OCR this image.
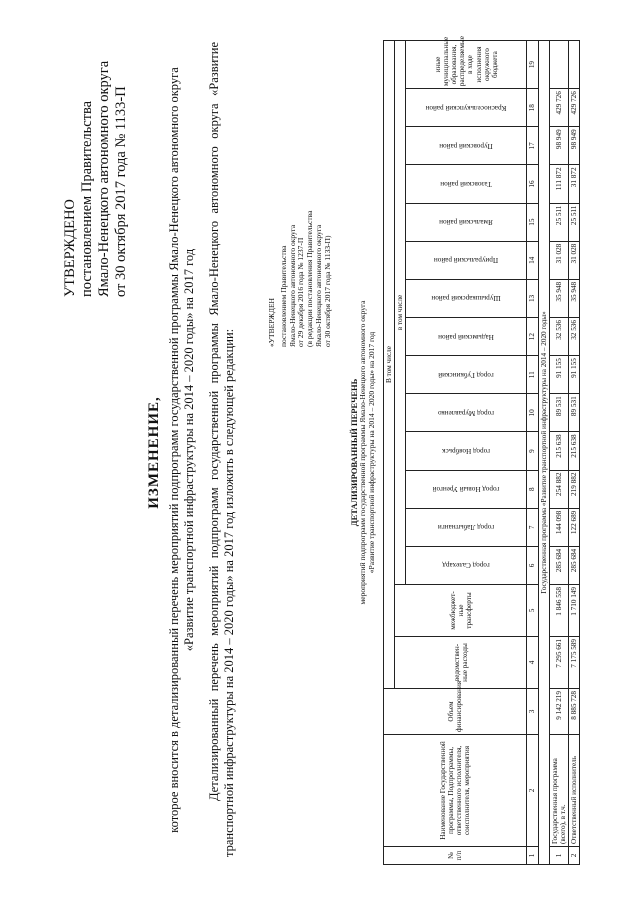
УТВЕРЖДЕНО постановлением Правительства Ямало-Ненецкого автономного округа от 30 октября 2017 года № 1133-П
ИЗМЕНЕНИЕ, которое вносится в детализированный перечень мероприятий подпрограмм государственной программы Ямало-Ненецкого автономного округа «Развитие транспортной инфраструктуры на 2014 – 2020 годы» на 2017 год Детализированный перечень мероприятий подпрограмм государственной программы Ямало-Ненецкого автономного округа «Развитие транспортной инфраструктуры на 2014 – 2020 годы» на 2017 год изложить в следующей редакции:
«УТВЕРЖДЕН постановлением Правительства Ямало-Ненецкого автономного округа от 29 декабря 2016 года № 1237-П (в редакции постановления Правительства Ямало-Ненецкого автономного округа от 30 октября 2017 года № 1133-П)
ДЕТАЛИЗИРОВАННЫЙ ПЕРЕЧЕНЬ
мероприятий подпрограмм государственной программы Ямало-Ненецкого автономного округа «Развитие транспортной инфраструктуры на 2014 – 2020 годы» на 2017 год
№ п/п	Наименование Государственной программы, Подпрограммы, ответственного исполнителя, соисполнителя, мероприятия	Объем финансирования	В том числе															
			ведомствен-ные расходы	межбюджет-ные трансферты	в том числе													

					город Салехард	город Лабытнанги	город Новый Уренгой	город Ноябрьск	город Муравленко	город Губкинский	Надымский район	Шурышкарский район	Приуральский район	Ямальский район	Тазовский район	Пуровский район	Красноселькупский район	иные муниципальные образования, распределяемые в ходе исполнения окружного бюджета
1	2	3	4	5	6	7	8	9	10	11	12	13	14	15	16	17	18	19
Государственная программа «Развитие транспортной инфраструктуры на 2014 – 2020 годы»																		
1	Государственная программа (всего), в т.ч.	9 142 219	7 295 661	1 846 558	285 684	144 098	254 882	215 638	89 531	91 155	32 536	35 948	31 028	25 511	111 872	98 949	429 726	
2	Ответственный исполнитель	8 885 728	7 175 589	1 710 149	285 684	122 689	219 882	215 638	89 531	91 155	32 536	35 948	31 028	25 511	31 872	98 949	429 726	
